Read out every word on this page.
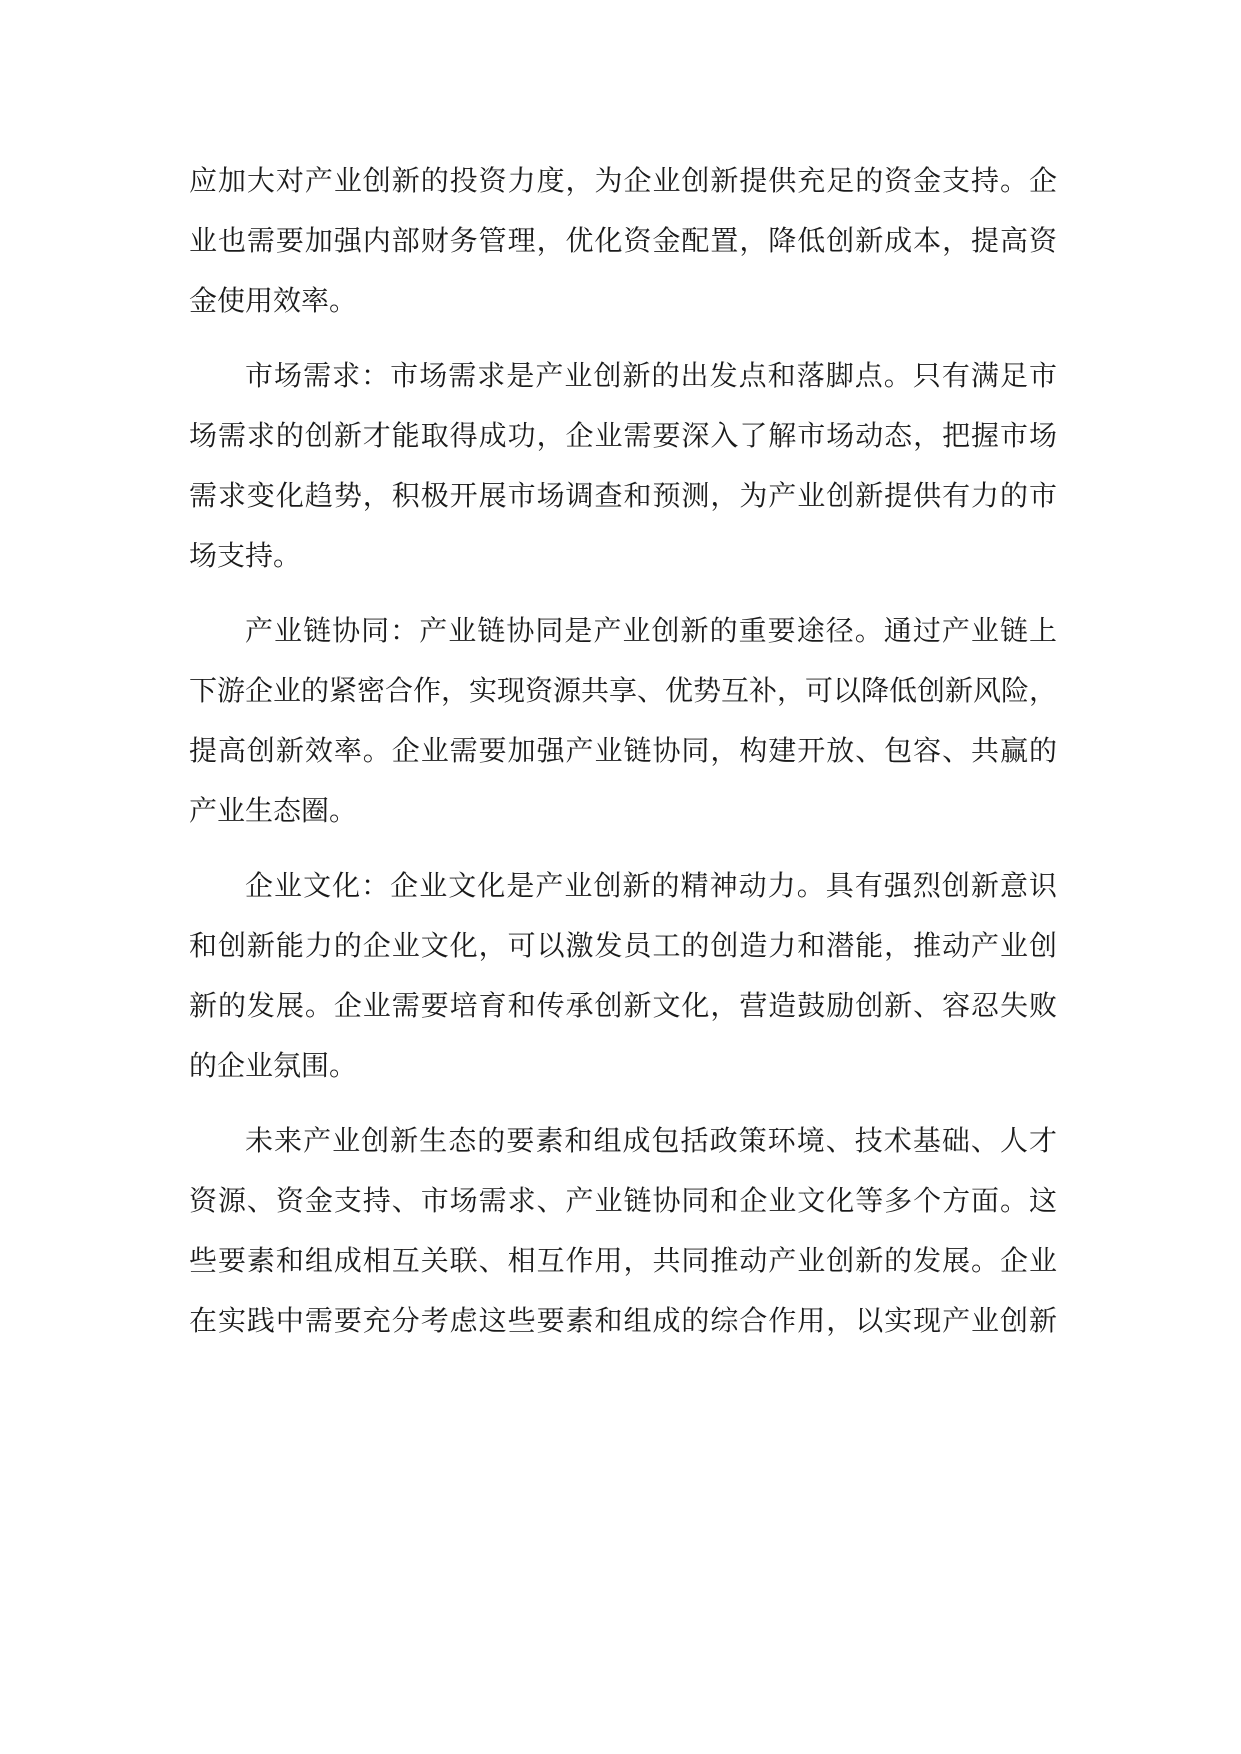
应加大对产业创新的投资力度，为企业创新提供充足的资金支持。企
业也需要加强内部财务管理，优化资金配置，降低创新成本，提高资
金使用效率。
市场需求：市场需求是产业创新的出发点和落脚点。只有满足市
场需求的创新才能取得成功，企业需要深入了解市场动态，把握市场
需求变化趋势，积极开展市场调查和预测，为产业创新提供有力的市
场支持。
产业链协同：产业链协同是产业创新的重要途径。通过产业链上
下游企业的紧密合作，实现资源共享、优势互补，可以降低创新风险，
提高创新效率。企业需要加强产业链协同，构建开放、包容、共赢的
产业生态圈。
企业文化：企业文化是产业创新的精神动力。具有强烈创新意识
和创新能力的企业文化，可以激发员工的创造力和潜能，推动产业创
新的发展。企业需要培育和传承创新文化，营造鼓励创新、容忍失败
的企业氛围。
未来产业创新生态的要素和组成包括政策环境、技术基础、人才
资源、资金支持、市场需求、产业链协同和企业文化等多个方面。这
些要素和组成相互关联、相互作用，共同推动产业创新的发展。企业
在实践中需要充分考虑这些要素和组成的综合作用，以实现产业创新
